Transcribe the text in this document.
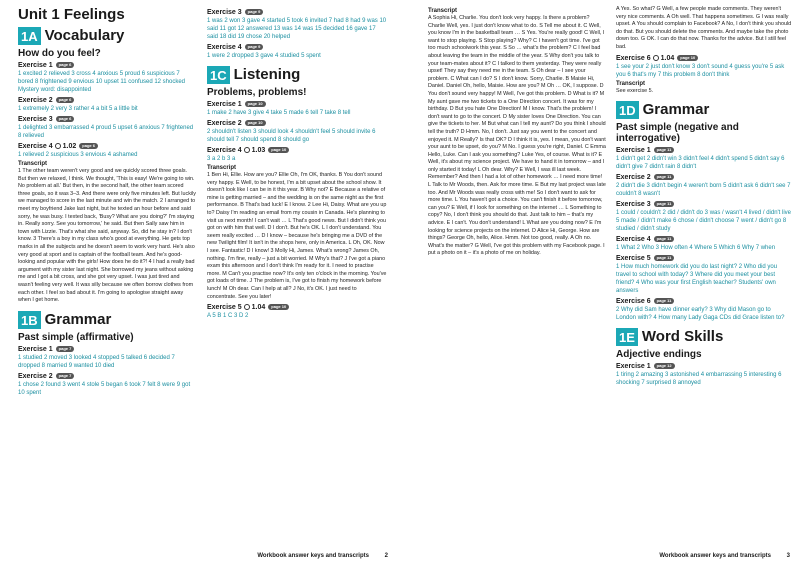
Unit 1 Feelings
1A Vocabulary
How do you feel?
Exercise 1 page 6
1 excited 2 relieved 3 cross 4 anxious 5 proud 6 suspicious 7 bored 8 frightened 9 envious 10 upset 11 confused 12 shocked Mystery word: disappointed
Exercise 2 page 6
1 extremely 2 very 3 rather 4 a bit 5 a little bit
Exercise 3 page 6
1 delighted 3 embarrassed 4 proud 5 upset 6 anxious 7 frightened 8 relieved
Exercise 4 1.02 page 6
1 relieved 2 suspicious 3 envious 4 ashamed
Transcript
1 The other team weren't very good and we quickly scored three goals. But then we relaxed, I think. We thought, 'This is easy! We're going to win. No problem at all.' But then, in the second half, the other team scored three goals, so it was 3–3. And there were only five minutes left. But luckily we managed to score in the last minute and win the match. 2 I arranged to meet my boyfriend Jake last night, but he texted an hour before and said sorry, he was busy. I texted back, 'Busy? What are you doing?' I'm staying in. Really sorry. See you tomorrow,' he said. But then Sally saw him in town with Lizzie. That's what she said, anyway. So, did he stay in? I don't know. 3 There's a boy in my class who's good at everything. He gets top marks in all the subjects and he doesn't seem to work very hard. He's also very good at sport and is captain of the football team. And he's good-looking and popular with the girls! How does he do it?! 4 I had a really bad argument with my sister last night. She borrowed my jeans without asking me and I got a bit cross, and she got very upset. I was just tired and wasn't feeling very well. It was silly because we often borrow clothes from each other. I feel so bad about it. I'm going to apologise straight away when I get home.
1B Grammar
Past simple (affirmative)
Exercise 1 page 7
1 studied 2 moved 3 looked 4 stopped 5 talked 6 decided 7 dropped 8 married 9 wanted 10 died
Exercise 2 page 7
1 chose 2 found 3 went 4 stole 5 began 6 took 7 felt 8 were 9 got 10 spent
Exercise 3 page 9
1 was 2 won 3 gave 4 started 5 took 6 invited 7 had 8 had 9 was 10 said 11 got 12 answered 13 was 14 was 15 decided 16 gave 17 said 18 did 19 chose 20 helped
Exercise 4 page 9
1 were 2 dropped 3 gave 4 studied 5 spent
1C Listening
Problems, problems!
Exercise 1 page 10
1 make 2 have 3 give 4 take 5 made 6 tell 7 take 8 tell
Exercise 2 page 10
2 shouldn't listen 3 should look 4 shouldn't feel 5 should invite 6 should tell 7 should spend 8 should go
Exercise 4 1.03 page 10
3 a 2 b 3 a
Transcript
1 Ben Hi, Ellie. How are you? Ellie Oh, I'm OK, thanks. B You don't sound very happy. E Well, to be honest, I'm a bit upset about the school show. It doesn't look like I can be in it this year. B Why not? E Because a relative of mine is getting married – and the wedding is on the same night as the first performance. B That's bad luck! E I know. 2 Lee Hi, Daisy. What are you up to? Daisy I'm reading an email from my cousin in Canada. He's planning to visit us next month! I can't wait … L That's good news. But I didn't think you got on with him that well. D I don't. But he's OK. L I don't understand. You seem really excited … D I know – because he's bringing me a DVD of the new Twilight film! It isn't in the shops here, only in America. L Oh, OK. Now I see. Fantastic! D I know! 3 Molly Hi, James. What's wrong? James Oh, nothing. I'm fine, really – just a bit worried. M Why's that? J I've got a piano exam this afternoon and I don't think I'm ready for it. I need to practise more. M Can't you practise now? It's only ten o'clock in the morning. You've got loads of time. J The problem is, I've got to finish my homework before lunch! M Oh dear. Can I help at all? J No, it's OK. I just need to concentrate. See you later!
Exercise 5 1.04 page 10
A 5 B 1 C 3 D 2
Workbook answer keys and transcripts	2
Transcript
A Sophia Hi, Charlie. You don't look very happy. Is there a problem? Charlie Well, yes. I just don't know what to do. S Tell me about it. C Well, you know I'm in the basketball team … S Yes. You're really good! C Well, I want to stop playing. S Stop playing? Why? C I haven't got time. I've got too much schoolwork this year. S So … what's the problem? C I feel bad about leaving the team in the middle of the year. S Why don't you talk to your team-mates about it? C I talked to them yesterday. They were really upset! They say they need me in the team. S Oh dear – I see your problem. C What can I do? S I don't know. Sorry, Charlie. B Maisie Hi, Daniel. Daniel Oh, hello, Maisie. How are you? M Oh … OK, I suppose. D You don't sound very happy! M Well, I've got this problem. D What is it? M My aunt gave me two tickets to a One Direction concert. It was for my birthday. D But you hate One Direction! M I know. That's the problem! I don't want to go to the concert. D My sister loves One Direction. You can give the tickets to her. M But what can I tell my aunt? Do you think I should tell the truth? D Hmm. No, I don't. Just say you went to the concert and enjoyed it. M Really? Is that OK? D I think it is, yes. I mean, you don't want your aunt to be upset, do you? M No. I guess you're right, Daniel. C Emma Hello, Luke. Can I ask you something? Luke Yes, of course. What is it? E Well, it's about my science project. We have to hand it in tomorrow – and I only started it today! L Oh dear. Why? E Well, I was ill last week. Remember? And then I had a lot of other homework … I need more time! L Talk to Mr Woods, then. Ask for more time. E But my last project was late too. And Mr Woods was really cross with me! So I don't want to ask for more time. L You haven't got a choice. You can't finish it before tomorrow, can you? E Well, if I look for something on the internet … L Something to copy? No, I don't think you should do that. Just talk to him – that's my advice. E I can't. You don't understand! L What are you doing now? E I'm looking for science projects on the internet. D Alice Hi, George. How are things? George Oh, hello, Alice. Hmm. Not too good, really. A Oh no. What's the matter? G Well, I've got this problem with my Facebook page. I put a photo on it – it's a photo of me on holiday.
A Yes. So what? G Well, a few people made comments. They weren't very nice comments. A Oh well. That happens sometimes. G I was really upset. A You should complain to Facebook? A No, I don't think you should do that. But you should delete the comments. And maybe take the photo down too. G OK. I can do that now. Thanks for the advice. But I still feel bad.
Exercise 6 1.04 page 10
1 see your 2 just don't know 3 don't sound 4 guess you're 5 ask you 6 that's my 7 this problem 8 don't think
Transcript
See exercise 5.
1D Grammar
Past simple (negative and interrogative)
Exercise 1 page 11
1 didn't get 2 didn't win 3 didn't feel 4 didn't spend 5 didn't say 6 didn't give 7 didn't rain 8 didn't
Exercise 2 page 11
2 didn't die 3 didn't begin 4 weren't born 5 didn't ask 6 didn't see 7 couldn't 8 wasn't
Exercise 3 page 11
1 could / couldn't 2 did / didn't do 3 was / wasn't 4 lived / didn't live 5 made / didn't make 6 chose / didn't choose 7 went / didn't go 8 studied / didn't study
Exercise 4 page 11
1 What 2 Who 3 How often 4 Where 5 Which 6 Why 7 when
Exercise 5 page 11
1 How much homework did you do last night? 2 Who did you travel to school with today? 3 Where did you meet your best friend? 4 Who was your first English teacher? Students' own answers
Exercise 6 page 11
2 Why did Sam have dinner early? 3 Why did Mason go to London with? 4 How many Lady Gaga CDs did Grace listen to?
1E Word Skills
Adjective endings
Exercise 1 page 12
1 tiring 2 amazing 3 astonished 4 embarrassing 5 interesting 6 shocking 7 surprised 8 annoyed
Workbook answer keys and transcripts	3
